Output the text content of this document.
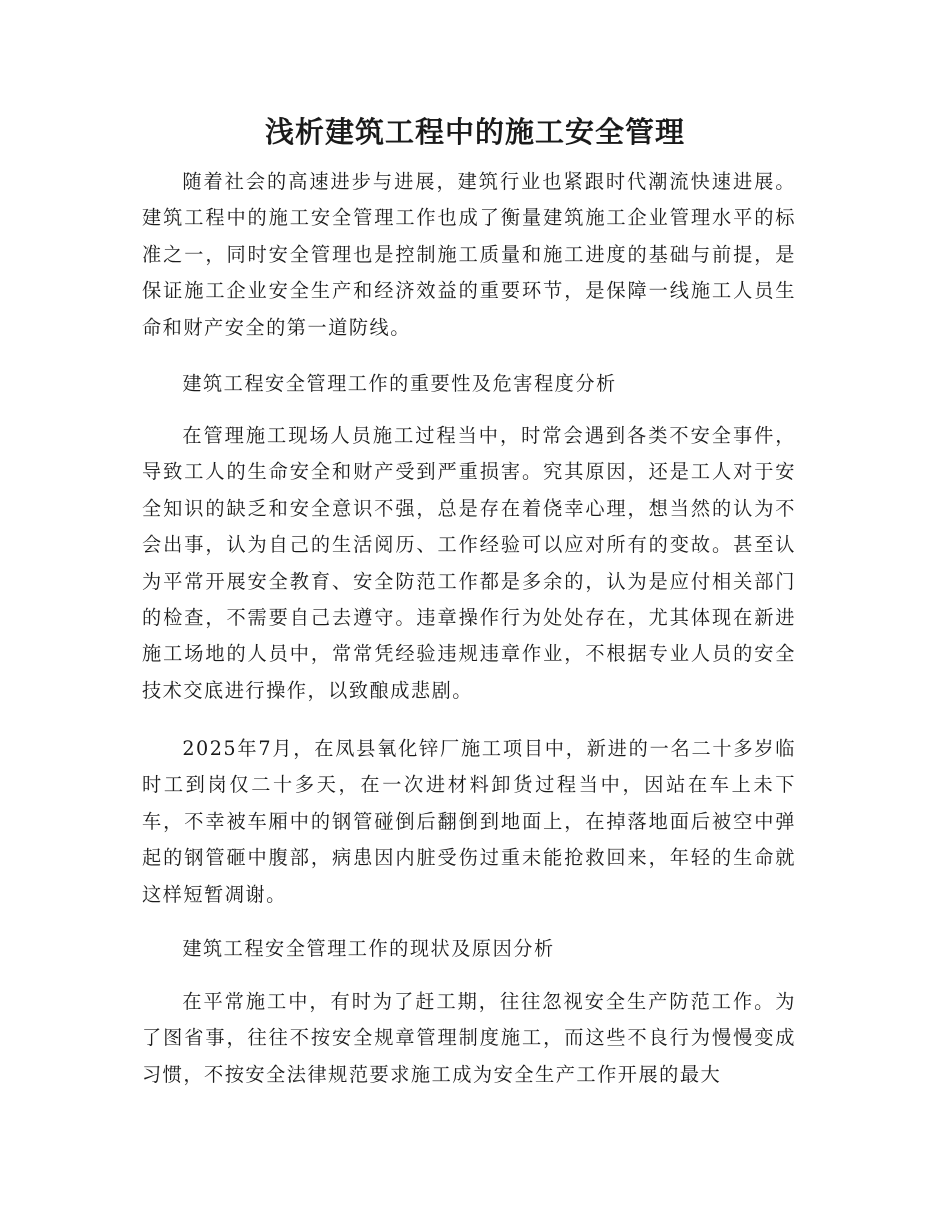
浅析建筑工程中的施工安全管理

随着社会的高速进步与进展，建筑行业也紧跟时代潮流快速进展。建筑工程中的施工安全管理工作也成了衡量建筑施工企业管理水平的标准之一，同时安全管理也是控制施工质量和施工进度的基础与前提，是保证施工企业安全生产和经济效益的重要环节，是保障一线施工人员生命和财产安全的第一道防线。

建筑工程安全管理工作的重要性及危害程度分析

在管理施工现场人员施工过程当中，时常会遇到各类不安全事件，导致工人的生命安全和财产受到严重损害。究其原因，还是工人对于安全知识的缺乏和安全意识不强，总是存在着侥幸心理，想当然的认为不会出事，认为自己的生活阅历、工作经验可以应对所有的变故。甚至认为平常开展安全教育、安全防范工作都是多余的，认为是应付相关部门的检查，不需要自己去遵守。违章操作行为处处存在，尤其体现在新进施工场地的人员中，常常凭经验违规违章作业，不根据专业人员的安全技术交底进行操作，以致酿成悲剧。

2025年7月，在凤县氧化锌厂施工项目中，新进的一名二十多岁临时工到岗仅二十多天，在一次进材料卸货过程当中，因站在车上未下车，不幸被车厢中的钢管碰倒后翻倒到地面上，在掉落地面后被空中弹起的钢管砸中腹部，病患因内脏受伤过重未能抢救回来，年轻的生命就这样短暂凋谢。

建筑工程安全管理工作的现状及原因分析

在平常施工中，有时为了赶工期，往往忽视安全生产防范工作。为了图省事，往往不按安全规章管理制度施工，而这些不良行为慢慢变成习惯，不按安全法律规范要求施工成为安全生产工作开展的最大
